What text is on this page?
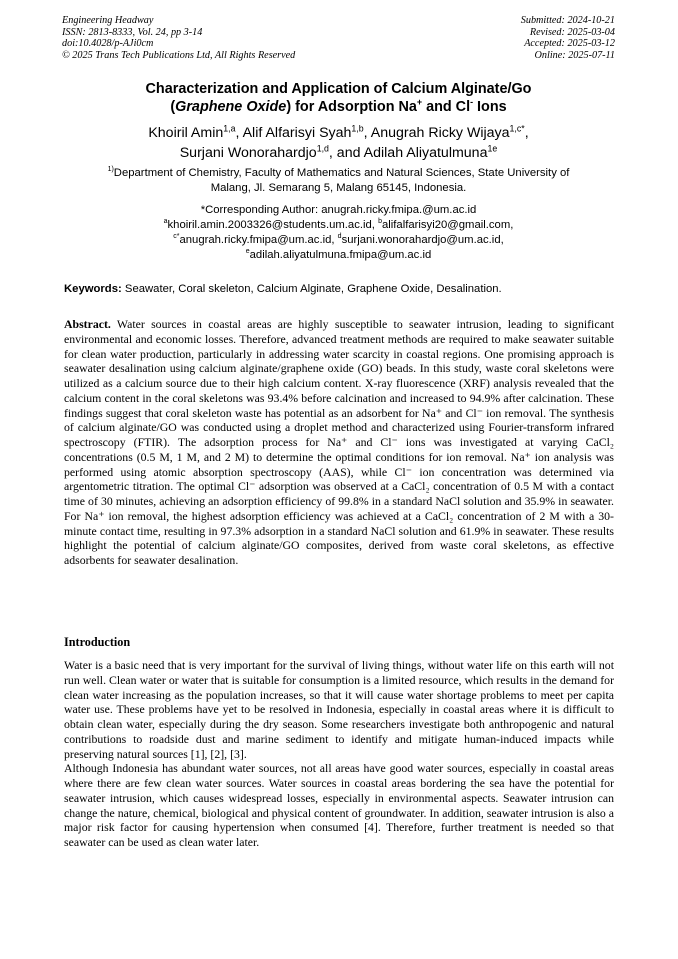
Engineering Headway
ISSN: 2813-8333, Vol. 24, pp 3-14
doi:10.4028/p-AJi0cm
© 2025 Trans Tech Publications Ltd, All Rights Reserved
Submitted: 2024-10-21
Revised: 2025-03-04
Accepted: 2025-03-12
Online: 2025-07-11
Characterization and Application of Calcium Alginate/Go
(Graphene Oxide) for Adsorption Na+ and Cl- Ions
Khoiril Amin$^{1,a}$, Alif Alfarisyi Syah$^{1,b}$, Anugrah Ricky Wijaya$^{1,c*}$,
Surjani Wonorahardjo$^{1,d}$, and Adilah Aliyatulmuna$^{1e}$
$^{1)}$Department of Chemistry, Faculty of Mathematics and Natural Sciences, State University of
Malang, Jl. Semarang 5, Malang 65145, Indonesia.
*Corresponding Author: anugrah.ricky.fmipa.@um.ac.id
$^a$khoiril.amin.2003326@students.um.ac.id, $^b$alifalfarisyi20@gmail.com,
$^{c*}$anugrah.ricky.fmipa@um.ac.id, $^d$surjani.wonorahardjo@um.ac.id,
$^e$adilah.aliyatulmuna.fmipa@um.ac.id
Keywords: Seawater, Coral skeleton, Calcium Alginate, Graphene Oxide, Desalination.
Abstract. Water sources in coastal areas are highly susceptible to seawater intrusion, leading to significant environmental and economic losses. Therefore, advanced treatment methods are required to make seawater suitable for clean water production, particularly in addressing water scarcity in coastal regions. One promising approach is seawater desalination using calcium alginate/graphene oxide (GO) beads. In this study, waste coral skeletons were utilized as a calcium source due to their high calcium content. X-ray fluorescence (XRF) analysis revealed that the calcium content in the coral skeletons was 93.4% before calcination and increased to 94.9% after calcination. These findings suggest that coral skeleton waste has potential as an adsorbent for Na⁺ and Cl⁻ ion removal. The synthesis of calcium alginate/GO was conducted using a droplet method and characterized using Fourier-transform infrared spectroscopy (FTIR). The adsorption process for Na⁺ and Cl⁻ ions was investigated at varying CaCl₂ concentrations (0.5 M, 1 M, and 2 M) to determine the optimal conditions for ion removal. Na⁺ ion analysis was performed using atomic absorption spectroscopy (AAS), while Cl⁻ ion concentration was determined via argentometric titration. The optimal Cl⁻ adsorption was observed at a CaCl₂ concentration of 0.5 M with a contact time of 30 minutes, achieving an adsorption efficiency of 99.8% in a standard NaCl solution and 35.9% in seawater. For Na⁺ ion removal, the highest adsorption efficiency was achieved at a CaCl₂ concentration of 2 M with a 30-minute contact time, resulting in 97.3% adsorption in a standard NaCl solution and 61.9% in seawater. These results highlight the potential of calcium alginate/GO composites, derived from waste coral skeletons, as effective adsorbents for seawater desalination.
Introduction

Water is a basic need that is very important for the survival of living things, without water life on this earth will not run well. Clean water or water that is suitable for consumption is a limited resource, which results in the demand for clean water increasing as the population increases, so that it will cause water shortage problems to meet per capita water use. These problems have yet to be resolved in Indonesia, especially in coastal areas where it is difficult to obtain clean water, especially during the dry season. Some researchers investigate both anthropogenic and natural contributions to roadside dust and marine sediment to identify and mitigate human-induced impacts while preserving natural sources [1], [2], [3].

Although Indonesia has abundant water sources, not all areas have good water sources, especially in coastal areas where there are few clean water sources. Water sources in coastal areas bordering the sea have the potential for seawater intrusion, which causes widespread losses, especially in environmental aspects. Seawater intrusion can change the nature, chemical, biological and physical content of groundwater. In addition, seawater intrusion is also a major risk factor for causing hypertension when consumed [4]. Therefore, further treatment is needed so that seawater can be used as clean water later.
